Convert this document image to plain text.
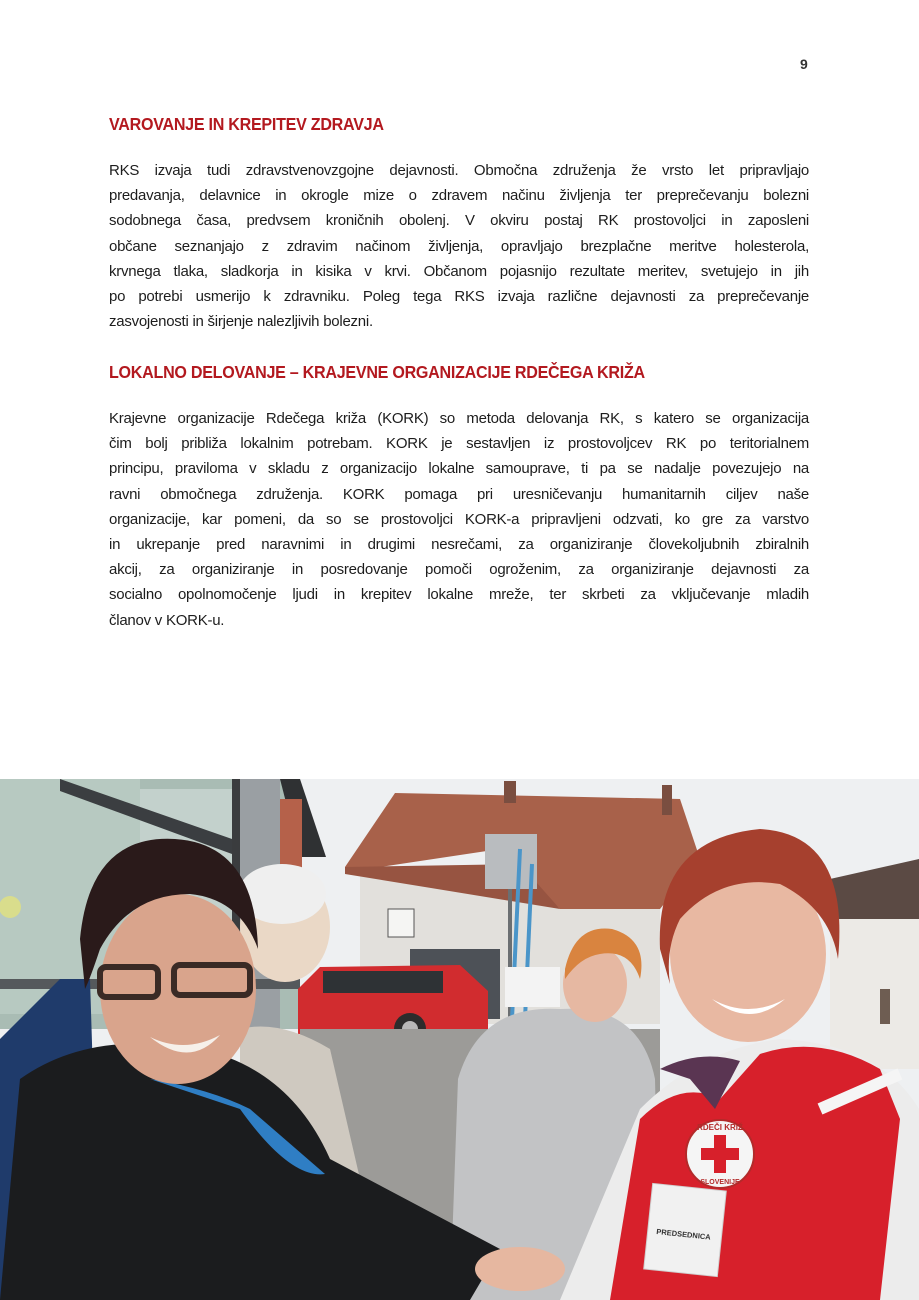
9
VAROVANJE IN KREPITEV ZDRAVJA
RKS izvaja tudi zdravstvenovzgojne dejavnosti. Območna združenja že vrsto let pripravljajo
predavanja, delavnice in okrogle mize o zdravem načinu življenja ter preprečevanju bolezni
sodobnega časa, predvsem kroničnih obolenj. V okviru postaj RK prostovoljci in zaposleni
občane seznanjajo z zdravim načinom življenja, opravljajo brezplačne meritve holesterola,
krvnega tlaka, sladkorja in kisika v krvi. Občanom pojasnijo rezultate meritev, svetujejo in jih
po potrebi usmerijo k zdravniku. Poleg tega RKS izvaja različne dejavnosti za preprečevanje
zasvojenosti in širjenje nalezljivih bolezni.
LOKALNO DELOVANJE – KRAJEVNE ORGANIZACIJE RDEČEGA KRIŽA
Krajevne organizacije Rdečega križa (KORK) so metoda delovanja RK, s katero se organizacija
čim bolj približa lokalnim potrebam. KORK je sestavljen iz prostovoljcev RK po teritorialnem
principu, praviloma v skladu z organizacijo lokalne samouprave, ti pa se nadalje povezujejo na
ravni območnega združenja. KORK pomaga pri uresničevanju humanitarnih ciljev naše
organizacije, kar pomeni, da so se prostovoljci KORK-a pripravljeni odzvati, ko gre za varstvo
in ukrepanje pred naravnimi in drugimi nesrečami, za organiziranje človekoljubnih zbiralnih
akcij, za organiziranje in posredovanje pomoči ogroženim, za organiziranje dejavnosti za
socialno opolnomočenje ljudi in krepitev lokalne mreže, ter skrbeti za vključevanje mladih
članov v KORK-u.
RDEČI KRIŽ
SLOVENIJE
PREDSEDNICA
